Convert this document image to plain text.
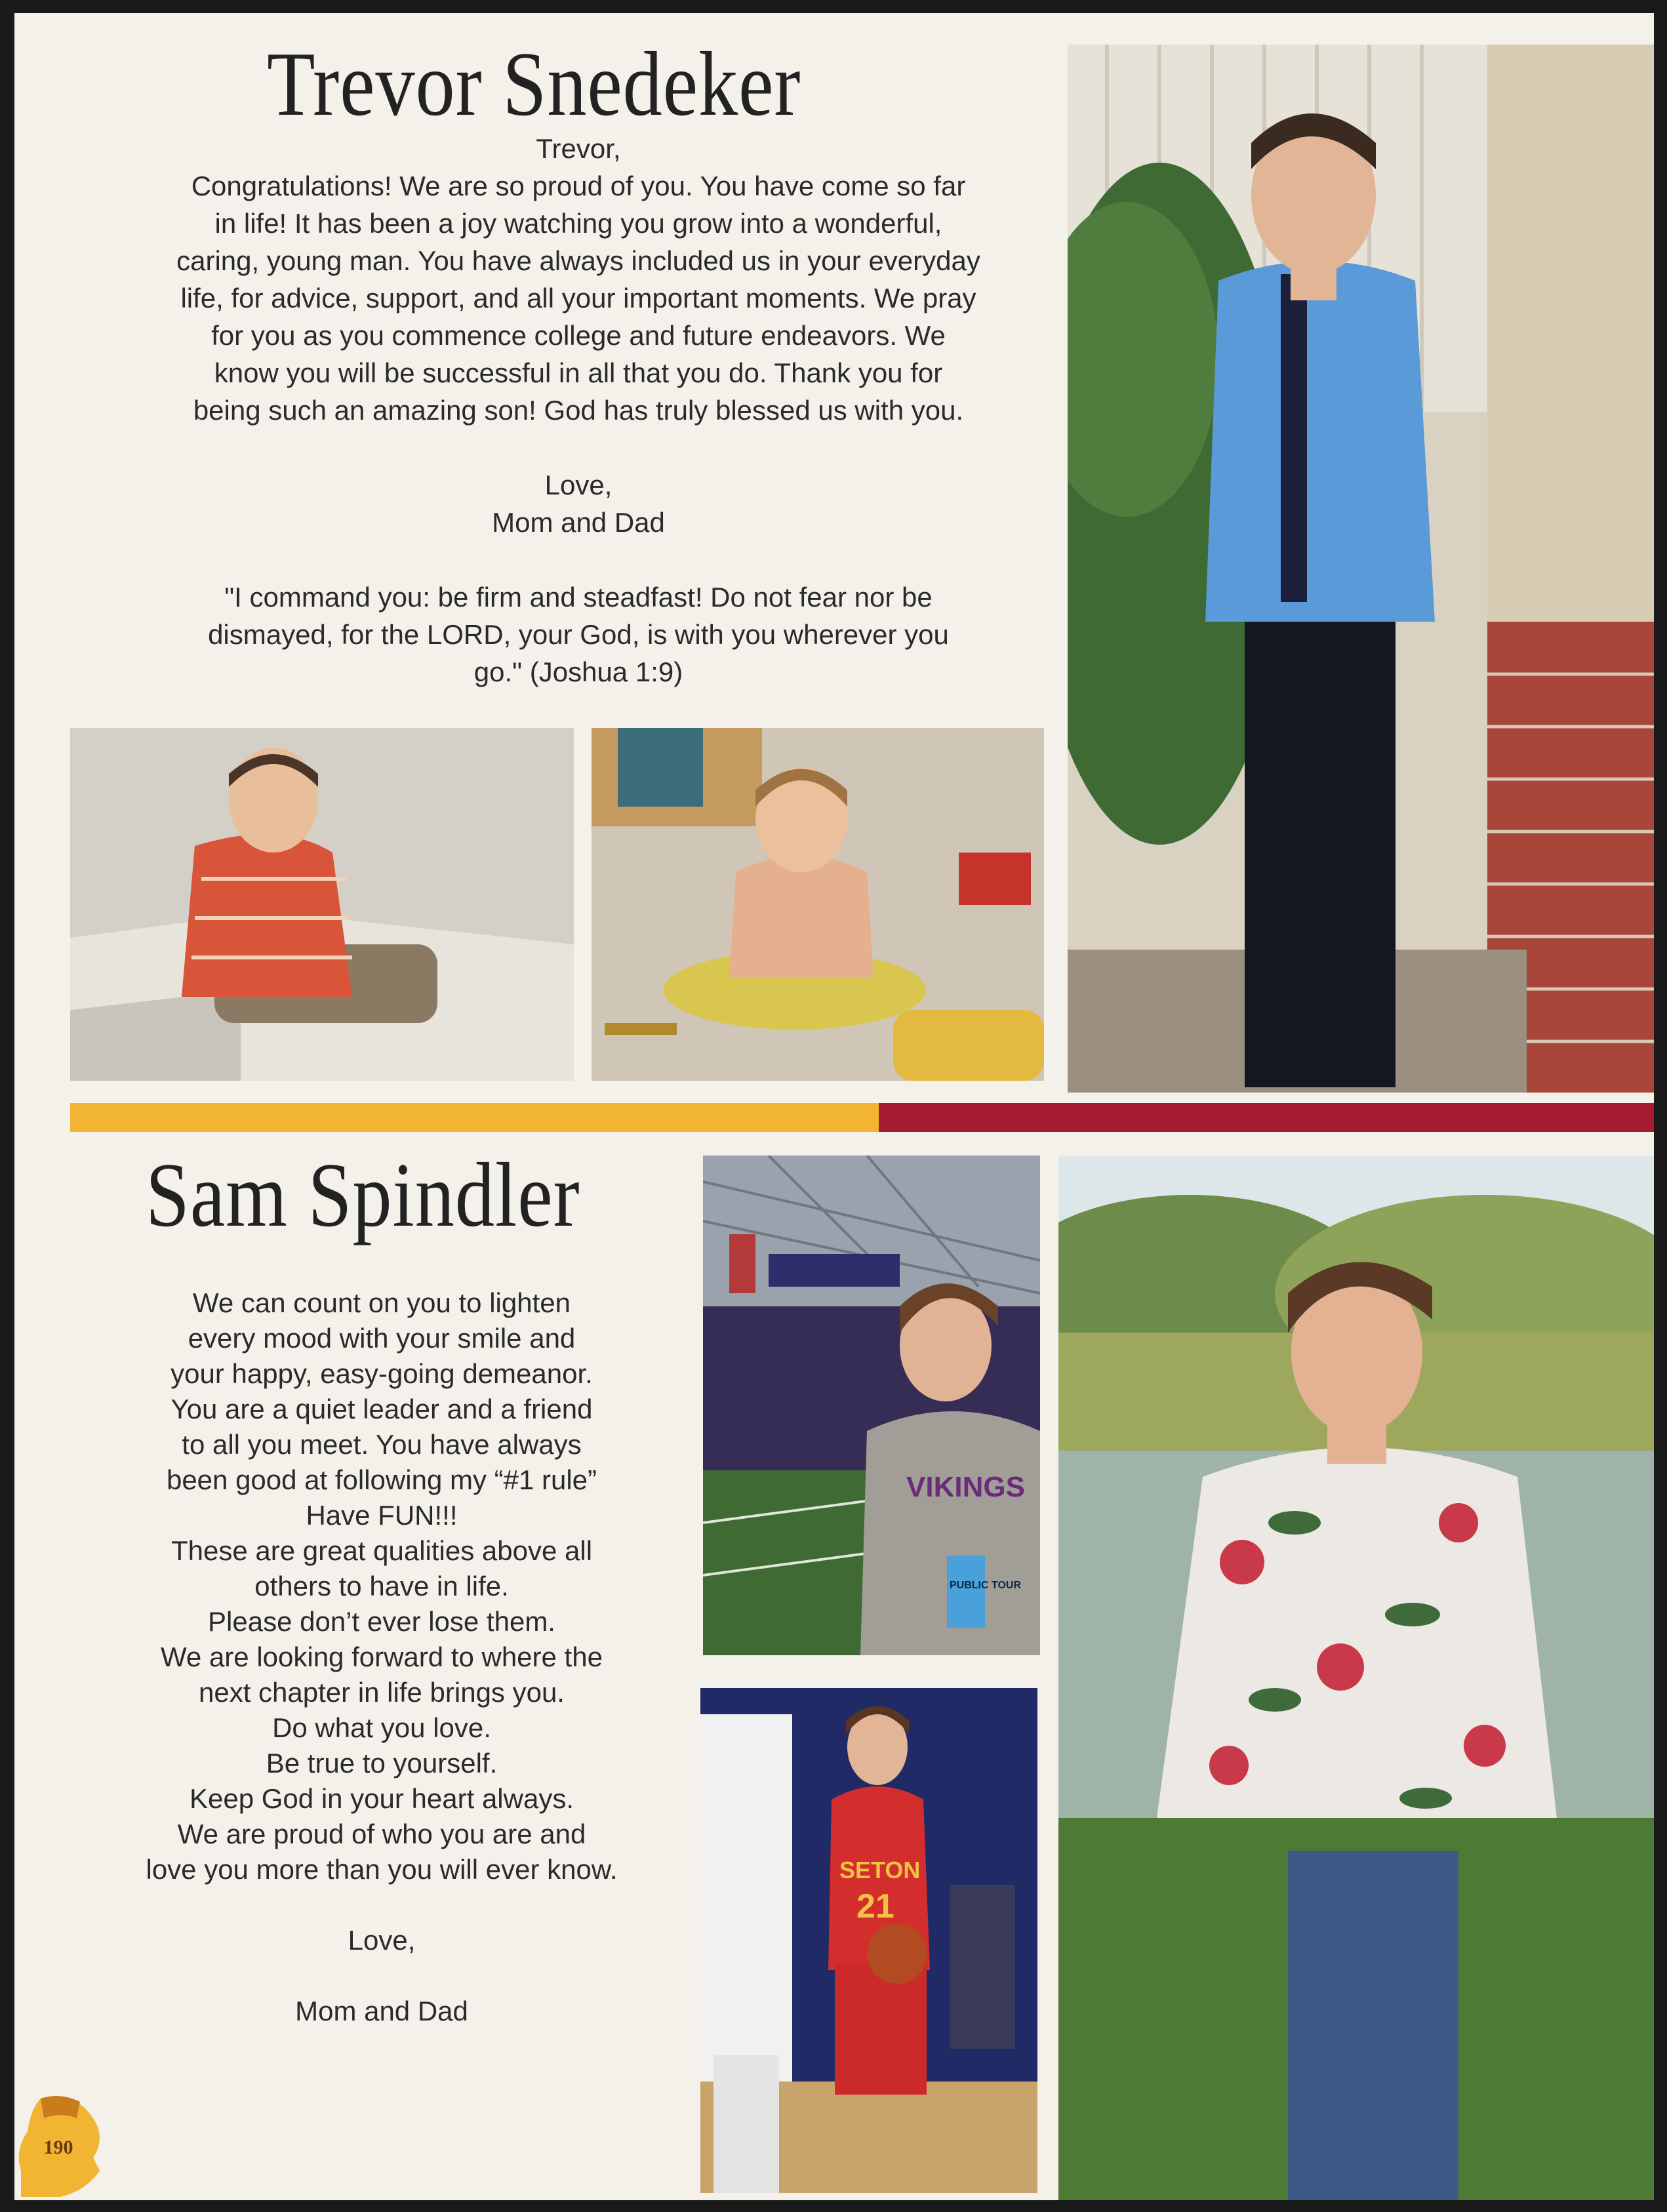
Trevor Snedeker

Trevor,

Congratulations! We are so proud of you. You have come so far

in life! It has been a joy watching you grow into a wonderful,

caring, young man. You have always included us in your everyday

life, for advice, support, and all your important moments. We pray

for you as you commence college and future endeavors. We

know you will be successful in all that you do. Thank you for

being such an amazing son! God has truly blessed us with you.

Love,

Mom and Dad

"I command you: be firm and steadfast! Do not fear nor be

dismayed, for the LORD, your God, is with you wherever you

go." (Joshua 1:9)

Sam Spindler

We can count on you to lighten

every mood with your smile and

your happy, easy-going demeanor.

You are a quiet leader and a friend

to all you meet. You have always

been good at following my “#1 rule”

Have FUN!!!

These are great qualities above all

others to have in life.

Please don’t ever lose them.

We are looking forward to where the

next chapter in life brings you.

Do what you love.

Be true to yourself.

Keep God in your heart always.

We are proud of who you are and

love you more than you will ever know.

Love,

Mom and Dad

VIKINGS
PUBLIC TOUR
SETON
21
190
